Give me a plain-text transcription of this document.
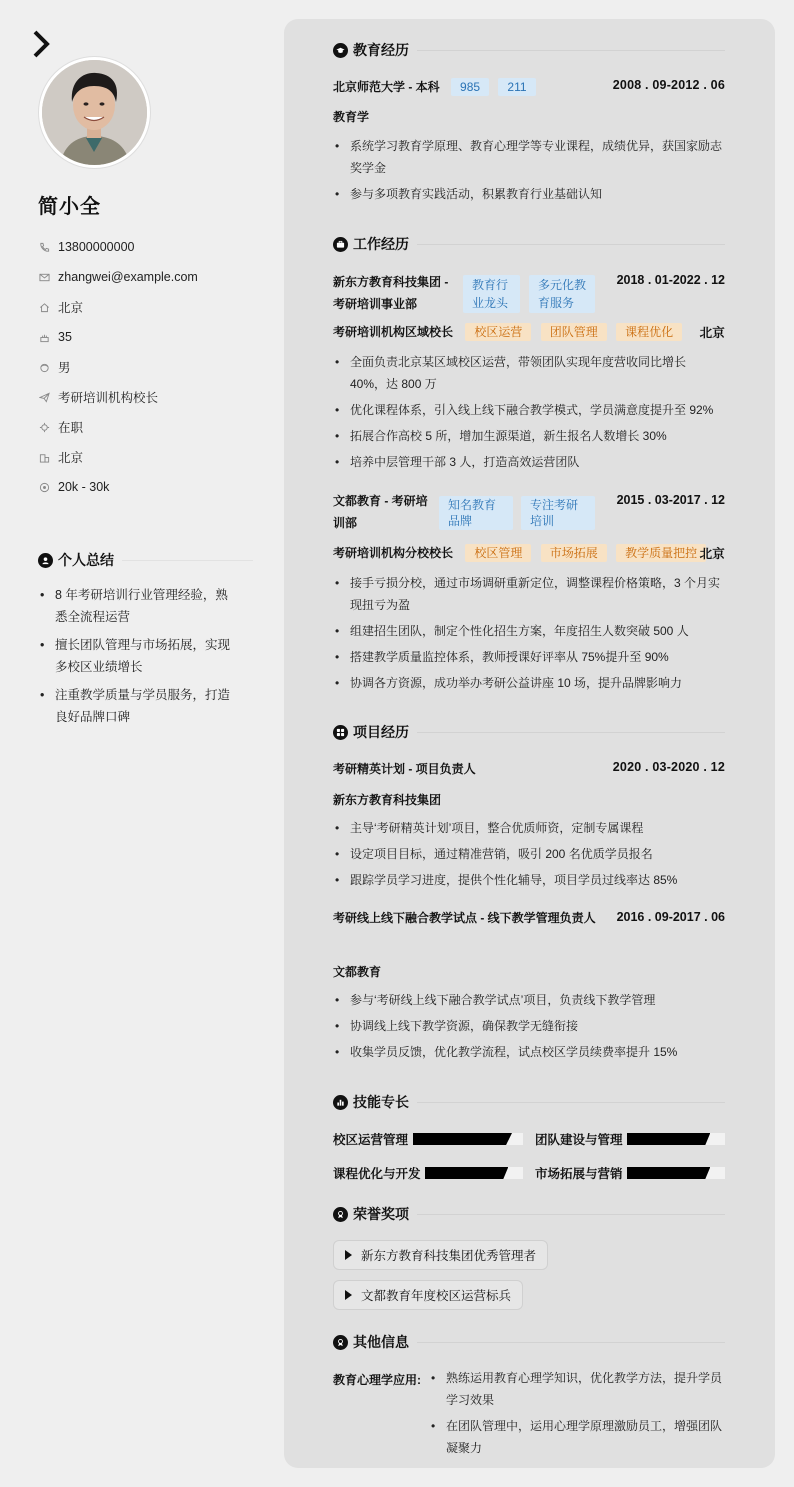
简小全
13800000000
zhangwei@example.com
北京
35
男
考研培训机构校长
在职
北京
20k - 30k
个人总结
• 8 年考研培训行业管理经验，熟悉全流程运营
• 擅长团队管理与市场拓展，实现多校区业绩增长
• 注重教学质量与学员服务，打造良好品牌口碑
教育经历
北京师范大学 - 本科 985 211	2008 . 09-2012 . 06
教育学
• 系统学习教育学原理、教育心理学等专业课程，成绩优异，获国家励志奖学金
• 参与多项教育实践活动，积累教育行业基础认知
工作经历
新东方教育科技集团 - 考研培训事业部
教育行业龙头
多元化教育服务
2018 . 01-2022 . 12
考研培训机构区域校长 校区运营 团队管理 课程优化 北京
• 全面负责北京某区域校区运营，带领团队实现年度营收同比增长 40%，达 800 万
• 优化课程体系，引入线上线下融合教学模式，学员满意度提升至 92%
• 拓展合作高校 5 所，增加生源渠道，新生报名人数增长 30%
• 培养中层管理干部 3 人，打造高效运营团队
文都教育 - 考研培训部
知名教育品牌
专注考研培训
2015 . 03-2017 . 12
考研培训机构分校校长 校区管理 市场拓展 教学质量把控 北京
• 接手亏损分校，通过市场调研重新定位，调整课程价格策略，3 个月实现扭亏为盈
• 组建招生团队，制定个性化招生方案，年度招生人数突破 500 人
• 搭建教学质量监控体系，教师授课好评率从 75%提升至 90%
• 协调各方资源，成功举办考研公益讲座 10 场，提升品牌影响力
项目经历
考研精英计划 - 项目负责人	2020 . 03-2020 . 12
新东方教育科技集团
• 主导‘考研精英计划’项目，整合优质师资，定制专属课程
• 设定项目目标，通过精准营销，吸引 200 名优质学员报名
• 跟踪学员学习进度，提供个性化辅导，项目学员过线率达 85%
考研线上线下融合教学试点 - 线下教学管理负责人 2016 . 09-2017 . 06
文都教育
• 参与‘考研线上线下融合教学试点’项目，负责线下教学管理
• 协调线上线下教学资源，确保教学无缝衔接
• 收集学员反馈，优化教学流程，试点校区学员续费率提升 15%
技能专长
校区运营管理	团队建设与管理
课程优化与开发	市场拓展与营销
荣誉奖项
新东方教育科技集团优秀管理者
文都教育年度校区运营标兵
其他信息
教育心理学应用:
•	熟练运用教育心理学知识，优化教学方法，提升学员学习效果
• 在团队管理中，运用心理学原理激励员工，增强团队凝聚力
